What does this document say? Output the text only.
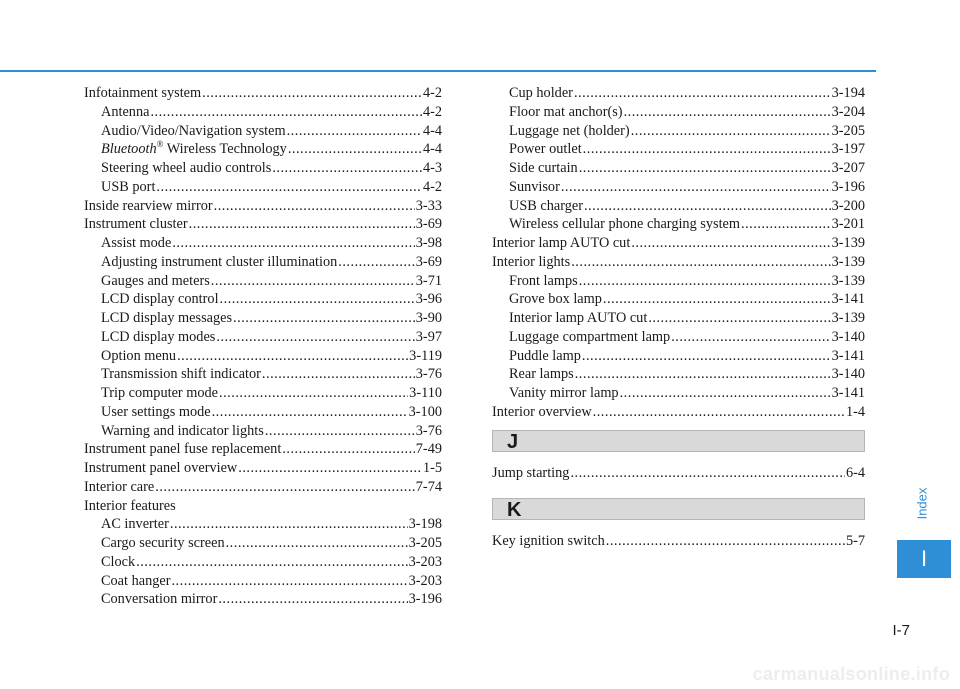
Infotainment system .....	4-2
Antenna .....	4-2
Audio/Video/Navigation system .....	4-4
Bluetooth® Wireless Technology .....	4-4
Steering wheel audio controls .....	4-3
USB port .....	4-2
Inside rearview mirror .....	3-33
Instrument cluster .....	3-69
Assist mode .....	3-98
Adjusting instrument cluster illumination .....	3-69
Gauges and meters .....	3-71
LCD display control .....	3-96
LCD display messages .....	3-90
LCD display modes .....	3-97
Option menu .....	3-119
Transmission shift indicator .....	3-76
Trip computer mode .....	3-110
User settings mode .....	3-100
Warning and indicator lights .....	3-76
Instrument panel fuse replacement .....	7-49
Instrument panel overview .....	1-5
Interior care .....	7-74
Interior features
AC inverter .....	3-198
Cargo security screen .....	3-205
Clock .....	3-203
Coat hanger .....	3-203
Conversation mirror .....	3-196
Cup holder .....	3-194
Floor mat anchor(s) .....	3-204
Luggage net (holder) .....	3-205
Power outlet .....	3-197
Side curtain .....	3-207
Sunvisor .....	3-196
USB charger .....	3-200
Wireless cellular phone charging system .....	3-201
Interior lamp AUTO cut .....	3-139
Interior lights .....	3-139
Front lamps .....	3-139
Grove box lamp .....	3-141
Interior lamp AUTO cut .....	3-139
Luggage compartment lamp .....	3-140
Puddle lamp .....	3-141
Rear lamps .....	3-140
Vanity mirror lamp .....	3-141
Interior overview .....	1-4
J
Jump starting .....	6-4
K
Key ignition switch .....	5-7
Index
I
I-7
carmanualsonline.info
